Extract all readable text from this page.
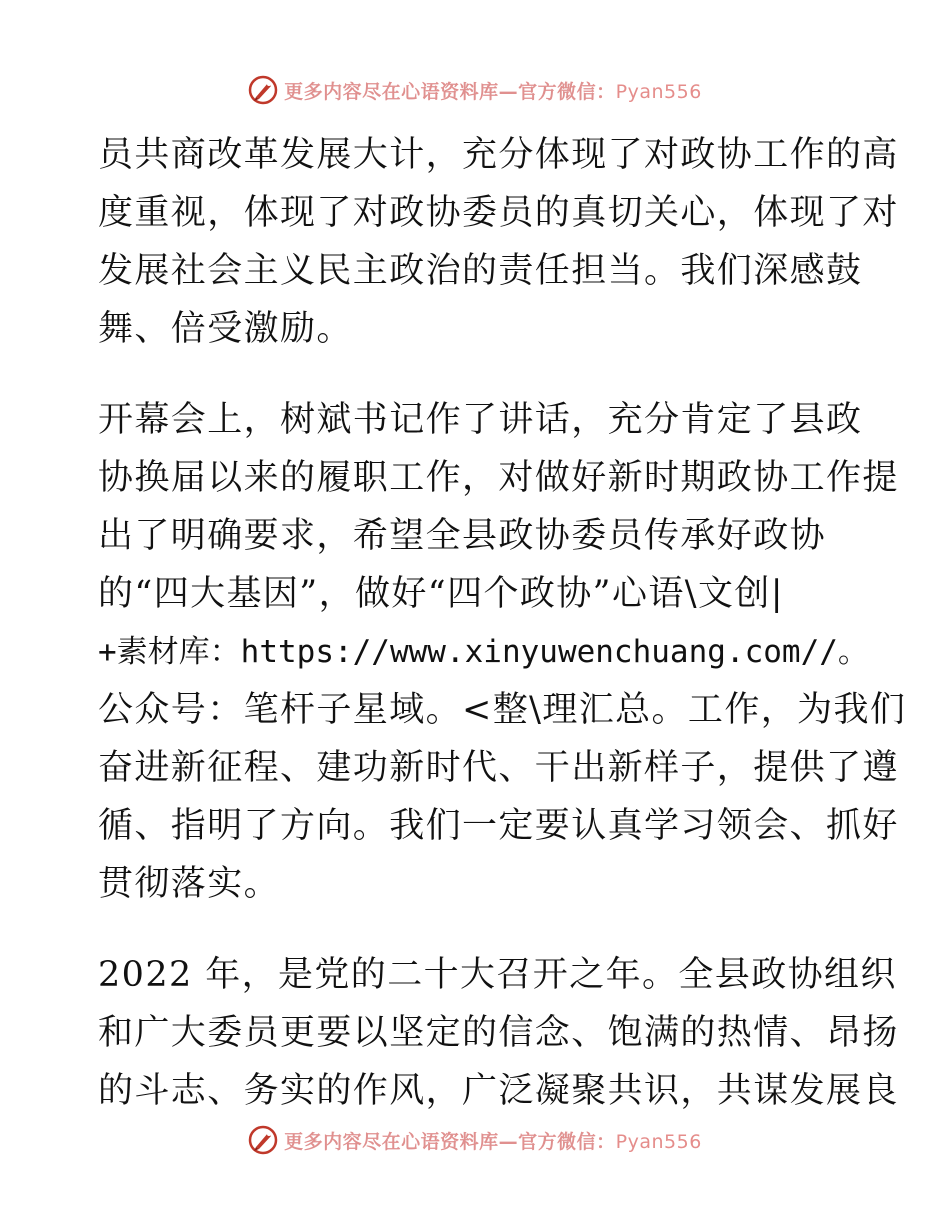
更多内容尽在心语资料库—官方微信：Pyan556
员共商改革发展大计，充分体现了对政协工作的高
度重视，体现了对政协委员的真切关心，体现了对
发展社会主义民主政治的责任担当。我们深感鼓
舞、倍受激励。
开幕会上，树斌书记作了讲话，充分肯定了县政
协换届以来的履职工作，对做好新时期政协工作提
出了明确要求，希望全县政协委员传承好政协
的“四大基因”，做好“四个政协”心语\文创|
+素材库：https://www.xinyuwenchuang.com//。
公众号：笔杆子星域。<整\理汇总。工作，为我们
奋进新征程、建功新时代、干出新样子，提供了遵
循、指明了方向。我们一定要认真学习领会、抓好
贯彻落实。
2022 年，是党的二十大召开之年。全县政协组织
和广大委员更要以坚定的信念、饱满的热情、昂扬
的斗志、务实的作风，广泛凝聚共识，共谋发展良
更多内容尽在心语资料库—官方微信：Pyan556
